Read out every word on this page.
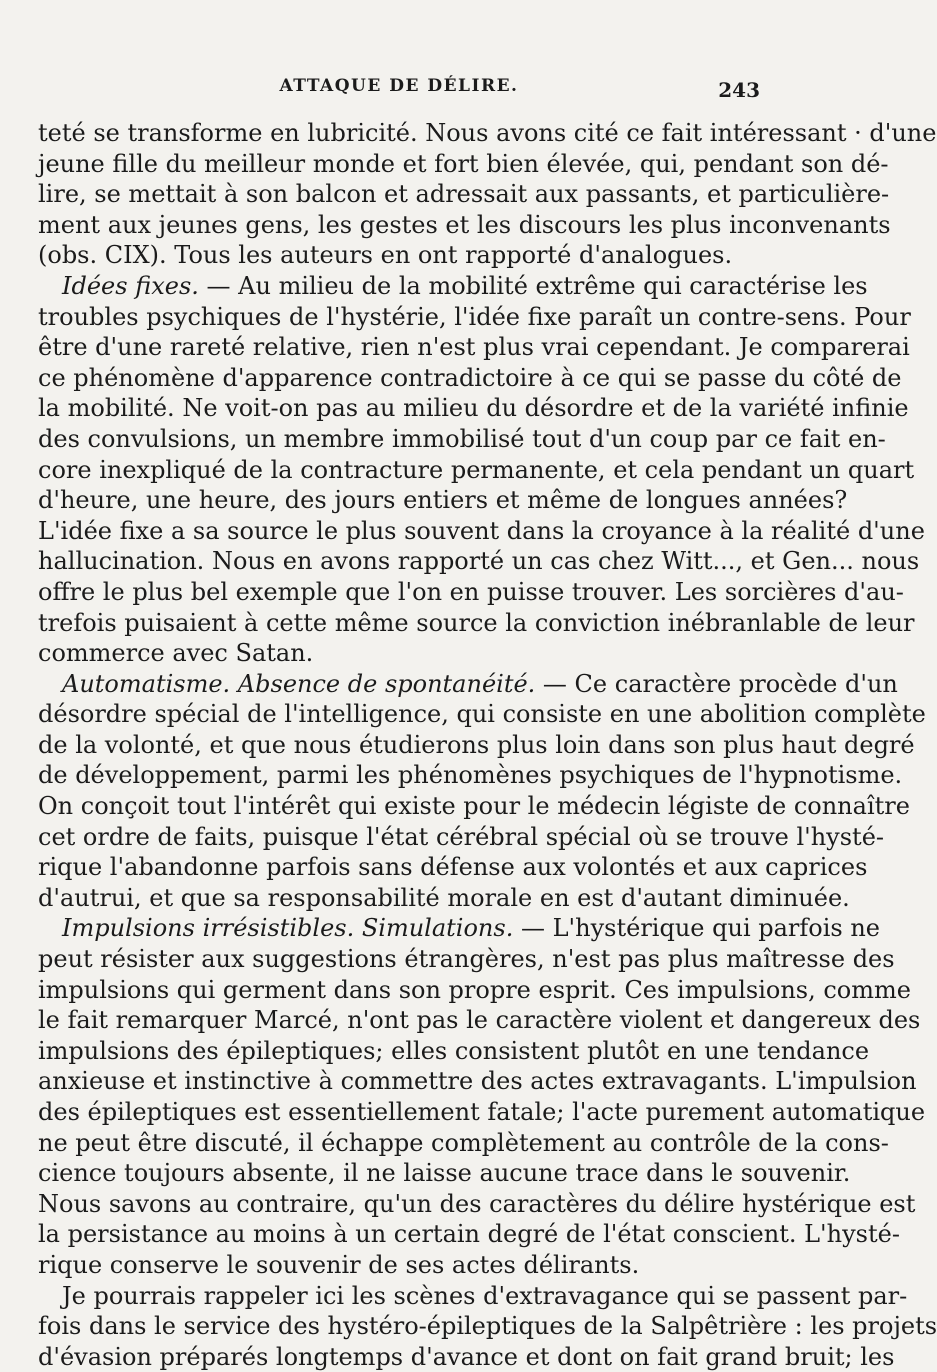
ATTAQUE DE DÉLIRE.	243
teté se transforme en lubricité. Nous avons cité ce fait intéressant · d'une
jeune fille du meilleur monde et fort bien élevée, qui, pendant son dé-
lire, se mettait à son balcon et adressait aux passants, et particulière-
ment aux jeunes gens, les gestes et les discours les plus inconvenants
(obs. CIX). Tous les auteurs en ont rapporté d'analogues.
Idées fixes. — Au milieu de la mobilité extrême qui caractérise les
troubles psychiques de l'hystérie, l'idée fixe paraît un contre-sens. Pour
être d'une rareté relative, rien n'est plus vrai cependant. Je comparerai
ce phénomène d'apparence contradictoire à ce qui se passe du côté de
la mobilité. Ne voit-on pas au milieu du désordre et de la variété infinie
des convulsions, un membre immobilisé tout d'un coup par ce fait en-
core inexpliqué de la contracture permanente, et cela pendant un quart
d'heure, une heure, des jours entiers et même de longues années?
L'idée fixe a sa source le plus souvent dans la croyance à la réalité d'une
hallucination. Nous en avons rapporté un cas chez Witt..., et Gen... nous
offre le plus bel exemple que l'on en puisse trouver. Les sorcières d'au-
trefois puisaient à cette même source la conviction inébranlable de leur
commerce avec Satan.
Automatisme. Absence de spontanéité. — Ce caractère procède d'un
désordre spécial de l'intelligence, qui consiste en une abolition complète
de la volonté, et que nous étudierons plus loin dans son plus haut degré
de développement, parmi les phénomènes psychiques de l'hypnotisme.
On conçoit tout l'intérêt qui existe pour le médecin légiste de connaître
cet ordre de faits, puisque l'état cérébral spécial où se trouve l'hysté-
rique l'abandonne parfois sans défense aux volontés et aux caprices
d'autrui, et que sa responsabilité morale en est d'autant diminuée.
Impulsions irrésistibles. Simulations. — L'hystérique qui parfois ne
peut résister aux suggestions étrangères, n'est pas plus maîtresse des
impulsions qui germent dans son propre esprit. Ces impulsions, comme
le fait remarquer Marcé, n'ont pas le caractère violent et dangereux des
impulsions des épileptiques; elles consistent plutôt en une tendance
anxieuse et instinctive à commettre des actes extravagants. L'impulsion
des épileptiques est essentiellement fatale; l'acte purement automatique
ne peut être discuté, il échappe complètement au contrôle de la cons-
cience toujours absente, il ne laisse aucune trace dans le souvenir.
Nous savons au contraire, qu'un des caractères du délire hystérique est
la persistance au moins à un certain degré de l'état conscient. L'hysté-
rique conserve le souvenir de ses actes délirants.
Je pourrais rappeler ici les scènes d'extravagance qui se passent par-
fois dans le service des hystéro-épileptiques de la Salpêtrière : les projets
d'évasion préparés longtemps d'avance et dont on fait grand bruit; les
